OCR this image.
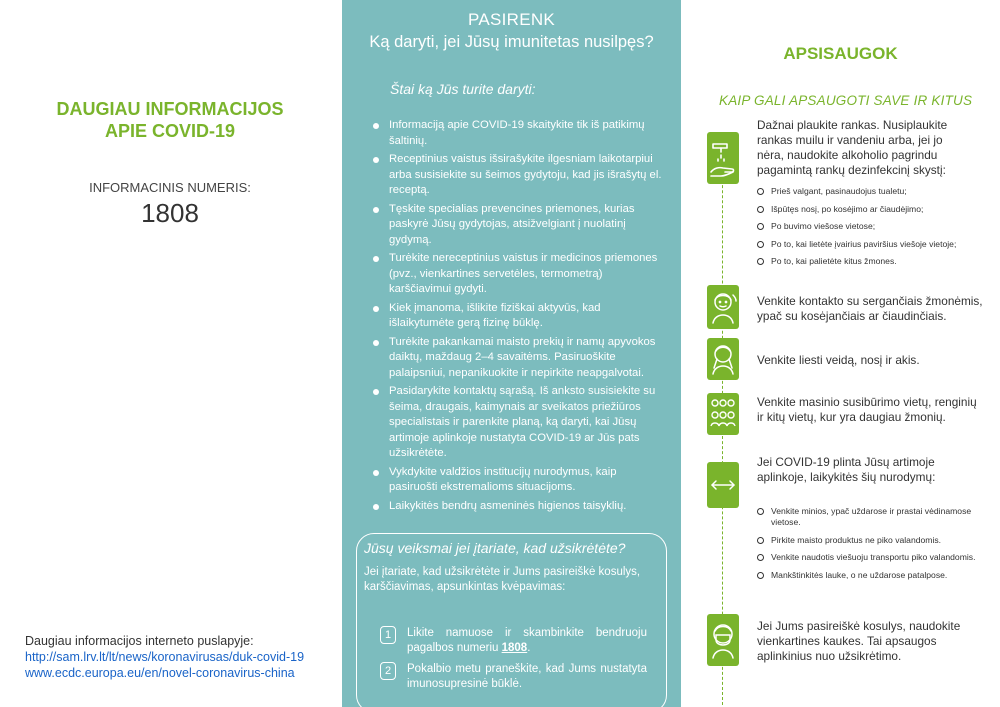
DAUGIAU INFORMACIJOS
APIE COVID-19
INFORMACINIS NUMERIS:
1808
Daugiau informacijos interneto puslapyje:
http://sam.lrv.lt/lt/news/koronavirusas/duk-covid-19
www.ecdc.europa.eu/en/novel-coronavirus-china
PASIRENK
Ką daryti, jei Jūsų imunitetas nusilpęs?
Štai ką Jūs turite daryti:
Informaciją apie COVID-19 skaitykite tik iš patikimų šaltinių.
Receptinius vaistus išsirašykite ilgesniam laikotarpiui arba susisiekite su šeimos gydytoju, kad jis išrašytų el. receptą.
Tęskite specialias prevencines priemones, kurias paskyrė Jūsų gydytojas, atsižvelgiant į nuolatinį gydymą.
Turėkite nereceptinius vaistus ir medicinos priemones (pvz., vienkartines servetėles, termometrą) karščiavimui gydyti.
Kiek įmanoma, išlikite fiziškai aktyvūs, kad išlaikytumėte gerą fizinę būklę.
Turėkite pakankamai maisto prekių ir namų apyvokos daiktų, maždaug 2–4 savaitėms. Pasiruoškite palaipsniui, nepanikuokite ir nepirkite neapgalvotai.
Pasidarykite kontaktų sąrašą. Iš anksto susisiekite su šeima, draugais, kaimynais ar sveikatos priežiūros specialistais ir parenkite planą, ką daryti, kai Jūsų artimoje aplinkoje nustatyta COVID-19 ar Jūs pats užsikrėtėte.
Vykdykite valdžios institucijų nurodymus, kaip pasiruošti ekstremalioms situacijoms.
Laikykitės bendrų asmeninės higienos taisyklių.
Jūsų veiksmai jei įtariate, kad užsikrėtėte?
Jei įtariate, kad užsikrėtėte ir Jums pasireiškė kosulys, karščiavimas, apsunkintas kvėpavimas:
1	Likite namuose ir skambinkite bendruoju pagalbos numeriu 1808.
2	Pokalbio metu praneškite, kad Jums nustatyta imunosupresinė būklė.
APSISAUGOK
KAIP GALI APSAUGOTI SAVE IR KITUS
Dažnai plaukite rankas. Nusiplaukite rankas muilu ir vandeniu arba, jei jo nėra, naudokite alkoholio pagrindu pagamintą rankų dezinfekcinį skystį:
Prieš valgant, pasinaudojus tualetu;
Išpūtęs nosį, po kosėjimo ar čiaudėjimo;
Po buvimo viešose vietose;
Po to, kai lietėte įvairius paviršius viešoje vietoje;
Po to, kai palietėte kitus žmones.
Venkite kontakto su sergančiais žmonėmis, ypač su kosėjančiais ar čiaudinčiais.
Venkite liesti veidą, nosį ir akis.
Venkite masinio susibūrimo vietų, renginių ir kitų vietų, kur yra daugiau žmonių.
Jei COVID-19 plinta Jūsų artimoje aplinkoje, laikykitės šių nurodymų:
Venkite minios, ypač uždarose ir prastai vėdinamose vietose.
Pirkite maisto produktus ne piko valandomis.
Venkite naudotis viešuoju transportu piko valandomis.
Mankštinkitės lauke, o ne uždarose patalpose.
Jei Jums pasireiškė kosulys, naudokite vienkartines kaukes. Tai apsaugos aplinkinius nuo užsikrėtimo.
